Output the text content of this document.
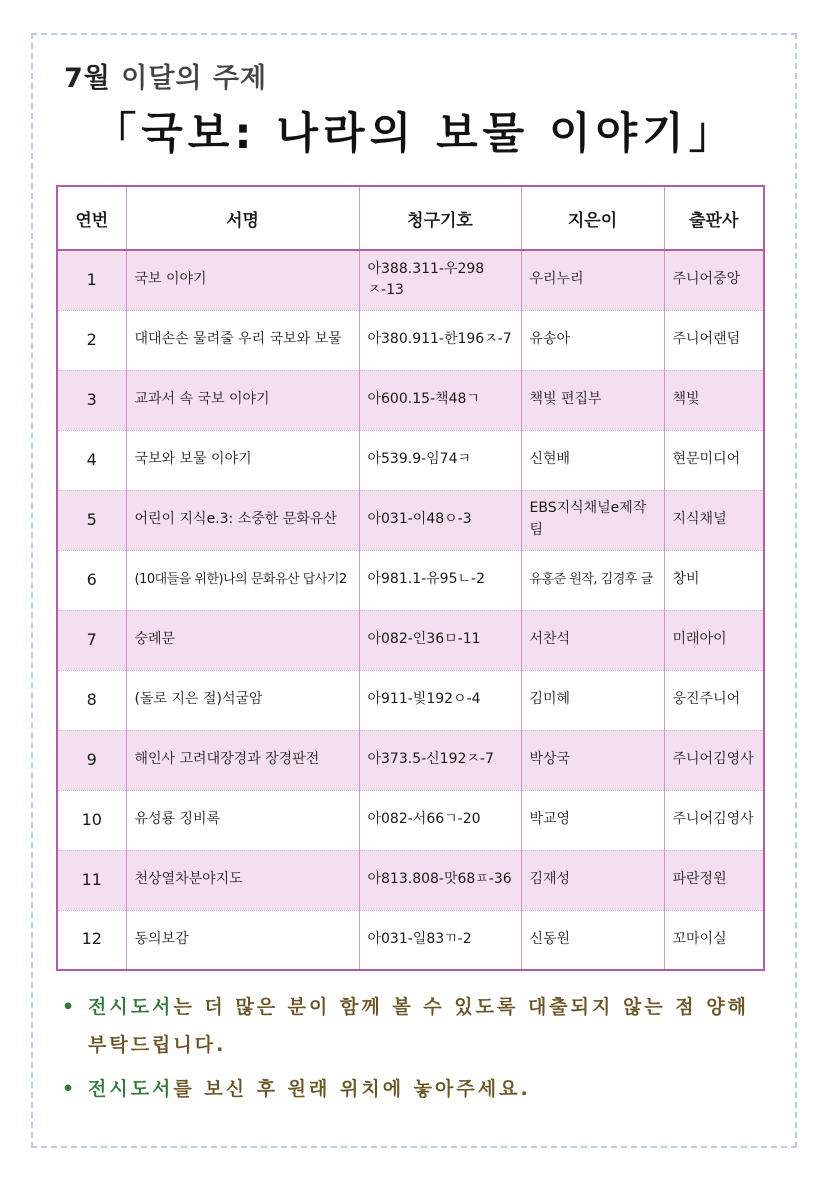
7월 이달의 주제
「국보: 나라의 보물 이야기」
연번	서명	청구기호	지은이	출판사
1	국보 이야기	아388.311-우298ㅈ-13	우리누리	주니어중앙
2	대대손손 물려줄 우리 국보와 보물	아380.911-한196ㅈ-7	유송아	주니어랜덤
3	교과서 속 국보 이야기	아600.15-책48ㄱ	책빛 편집부	책빛
4	국보와 보물 이야기	아539.9-임74ㅋ	신현배	현문미디어
5	어린이 지식e.3: 소중한 문화유산	아031-이48ㅇ-3	EBS지식채널e제작팀	지식채널
6	(10대들을 위한)나의 문화유산 답사기2	아981.1-유95ㄴ-2	유홍준 원작, 김경후 글	창비
7	숭례문	아082-인36ㅁ-11	서찬석	미래아이
8	(돌로 지은 절)석굴암	아911-빛192ㅇ-4	김미혜	웅진주니어
9	해인사 고려대장경과 장경판전	아373.5-신192ㅈ-7	박상국	주니어김영사
10	유성룡 징비록	아082-서66ㄱ-20	박교영	주니어김영사
11	천상열차분야지도	아813.808-맛68ㅍ-36	김재성	파란정원
12	동의보감	아031-일83ㄲ-2	신동원	꼬마이실
• 전시도서는 더 많은 분이 함께 볼 수 있도록 대출되지 않는 점 양해 부탁드립니다.
• 전시도서를 보신 후 원래 위치에 놓아주세요.
